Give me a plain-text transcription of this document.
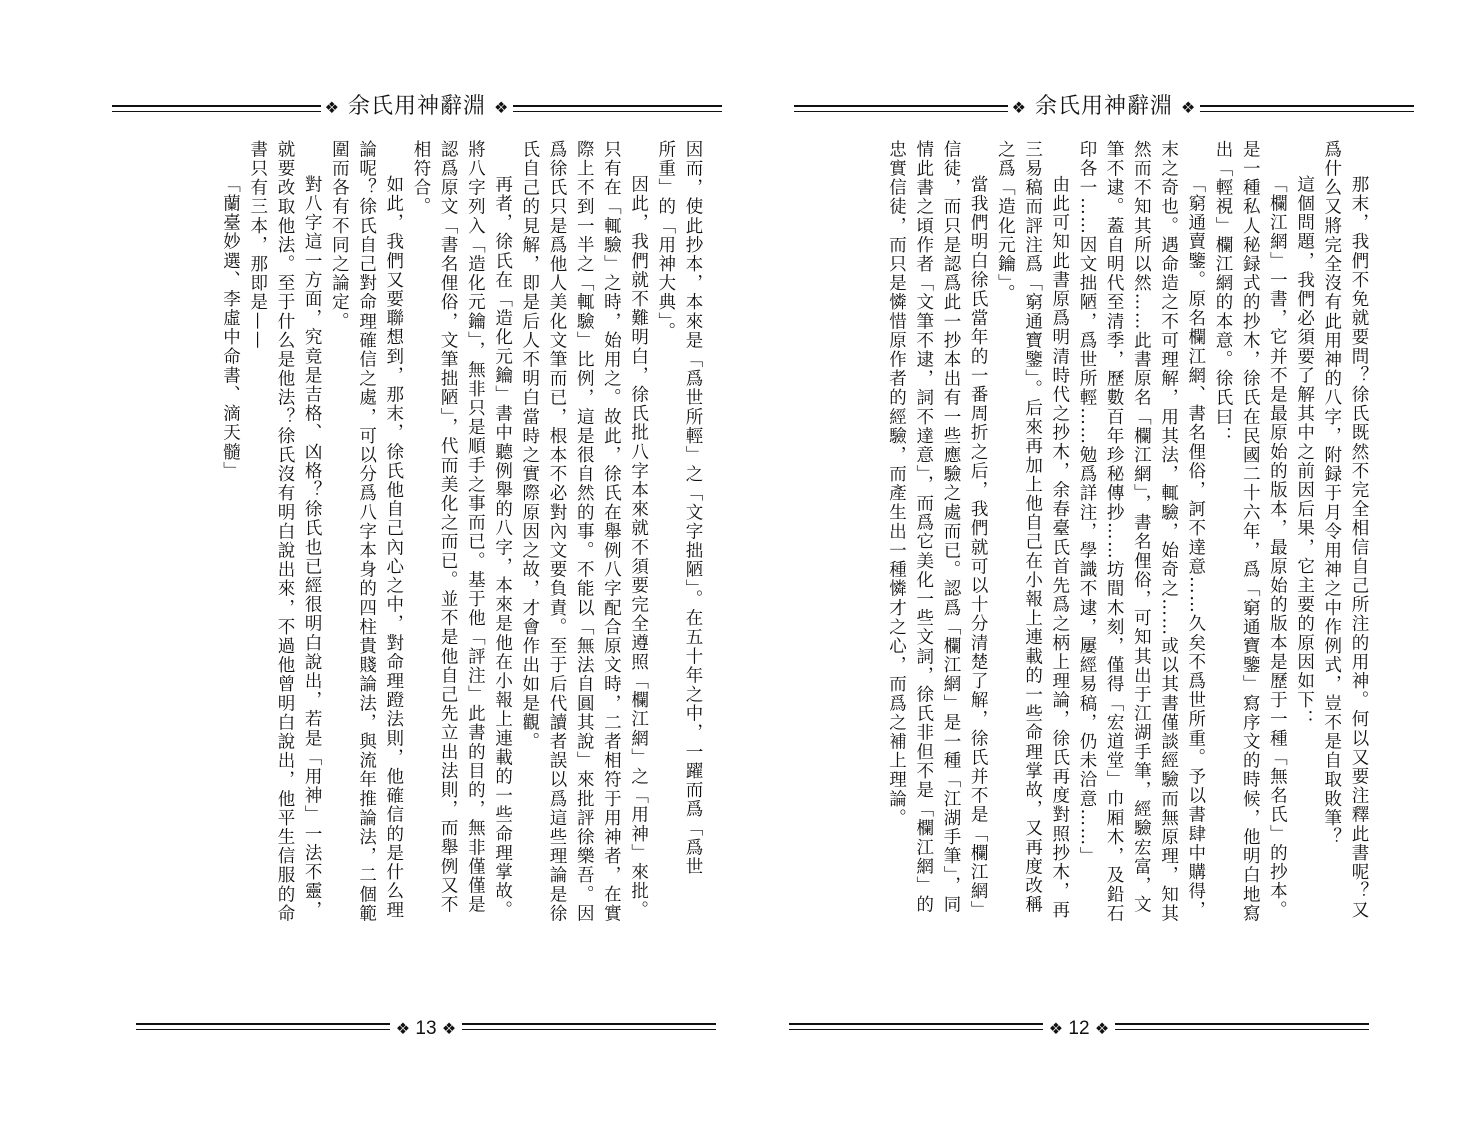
❖ 余氏用神辭淵 ❖

因而，使此抄本，本來是「爲世所輕」之「文字拙陋」。在五十年之中，一躍而爲「爲世
所重」的「用神大典」。

因此，我們就不難明白，徐氏批八字本來就不須要完全遵照「欄江網」之「用神」來批。

只有在「輒驗」之時，始用之。故此，徐氏在舉例八字配合原文時，二者相符于用神者，在實
際上不到一半之「輒驗」比例，這是很自然的事。不能以「無法自圓其說」來批評徐樂吾。因
爲徐氏只是爲他人美化文筆而已，根本不必對內文要負責。至于后代讀者誤以爲這些理論是徐
氏自己的見解，即是后人不明白當時之實際原因之故，才會作出如是觀。

再者，徐氏在「造化元鑰」書中聽例舉的八字，本來是他在小報上連載的一些命理掌故。

將八字列入「造化元鑰」，無非只是順手之事而已。基于他「評注」此書的目的，無非僅僅是
認爲原文「書名俚俗，文筆拙陋」，代而美化之而已。並不是他自己先立出法則，而舉例又不
相符合。

如此，我們又要聯想到，那末，徐氏他自己內心之中，對命理蹬法則，他確信的是什么理

論呢？徐氏自己對命理確信之處，可以分爲八字本身的四柱貴賤論法，與流年推論法，二個範
圍而各有不同之論定。

對八字這一方面，究竟是吉格、凶格？徐氏也已經很明白說出，若是「用神」一法不靈，

就要改取他法。至于什么是他法？徐氏沒有明白說出來，不過他曾明白說出，他平生信服的命
書只有三本，那即是——

「蘭臺妙選、李虛中命書、滴天髓」

❖ 13 ❖
❖ 余氏用神辭淵 ❖

那末，我們不免就要問？徐氏既然不完全相信自己所注的用神。何以又要注釋此書呢？又

爲什么又將完全沒有此用神的八字，附録于月令用神之中作例式，豈不是自取敗筆？

這個問題，我們必須要了解其中之前因后果，它主要的原因如下：

「欄江網」一書，它并不是最原始的版本，最原始的版本是歷于一種「無名氏」的抄本。

是一種私人秘録式的抄木，徐氏在民國二十六年，爲「窮通寶鑒」寫序文的時候，他明白地寫
出「輕視」欄江網的本意。徐氏曰：

「窮通賣鑒。原名欄江網、書名俚俗，訶不達意……久矣不爲世所重。予以書肆中購得，

末之奇也。遇命造之不可理解，用其法，輒驗，始奇之……或以其書僅談經驗而無原理，知其
然而不知其所以然……此書原名「欄江網」，書名俚俗，可知其出于江湖手筆，經驗宏富，文
筆不逮。蓋自明代至清季，歷數百年珍秘傳抄……坊間木刻，僅得「宏道堂」巾厢木，及鉛石
印各一……因文拙陋，爲世所輕……勉爲詳注，學識不逮，屢經易稿，仍未洽意……」

由此可知此書原爲明清時代之抄木，余春臺氏首先爲之柄上理論，徐氏再度對照抄木，再

三易稿而評注爲「窮通寶鑒」。后來再加上他自己在小報上連載的一些命理掌故，又再度改稱
之爲「造化元鑰」。

當我們明白徐氏當年的一番周折之后，我們就可以十分清楚了解，徐氏并不是「欄江網」

信徒，而只是認爲此一抄本出有一些應驗之處而已。認爲「欄江網」是一種「江湖手筆」，同
情此書之頃作者「文筆不逮，詞不達意」，而爲它美化一些文詞，徐氏非但不是「欄江網」的
忠實信徒，而只是憐惜原作者的經驗，而產生出一種憐才之心，而爲之補上理論。

❖ 12 ❖
